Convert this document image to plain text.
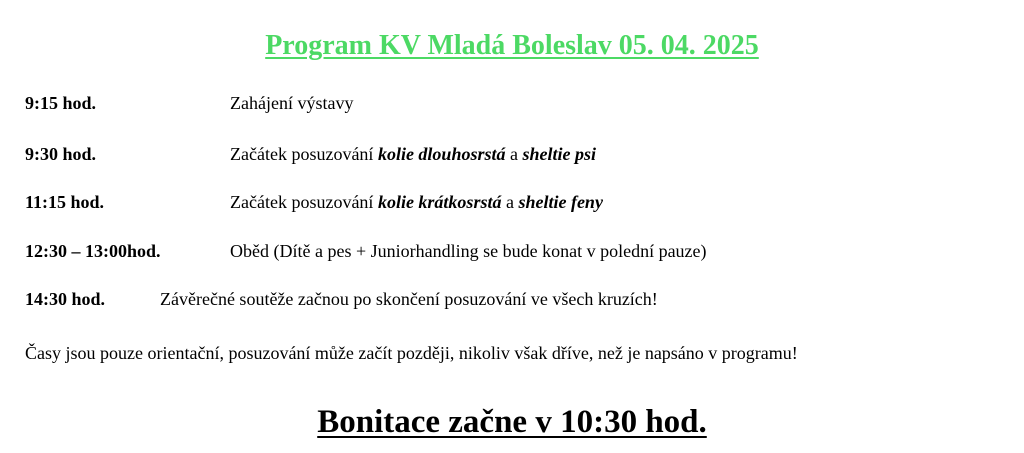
Program KV Mladá Boleslav 05. 04. 2025
9:15 hod.	Zahájení výstavy
9:30 hod.	Začátek posuzování kolie dlouhosrstá a sheltie psi
11:15 hod.	Začátek posuzování kolie krátkosrstá a sheltie feny
12:30 – 13:00hod.	Oběd (Dítě a pes + Juniorhandling se bude konat v polední pauze)
14:30 hod.	Závěrečné soutěže začnou po skončení posuzování ve všech kruzích!
Časy jsou pouze orientační, posuzování může začít později, nikoliv však dříve, než je napsáno v programu!
Bonitace začne v 10:30 hod.
